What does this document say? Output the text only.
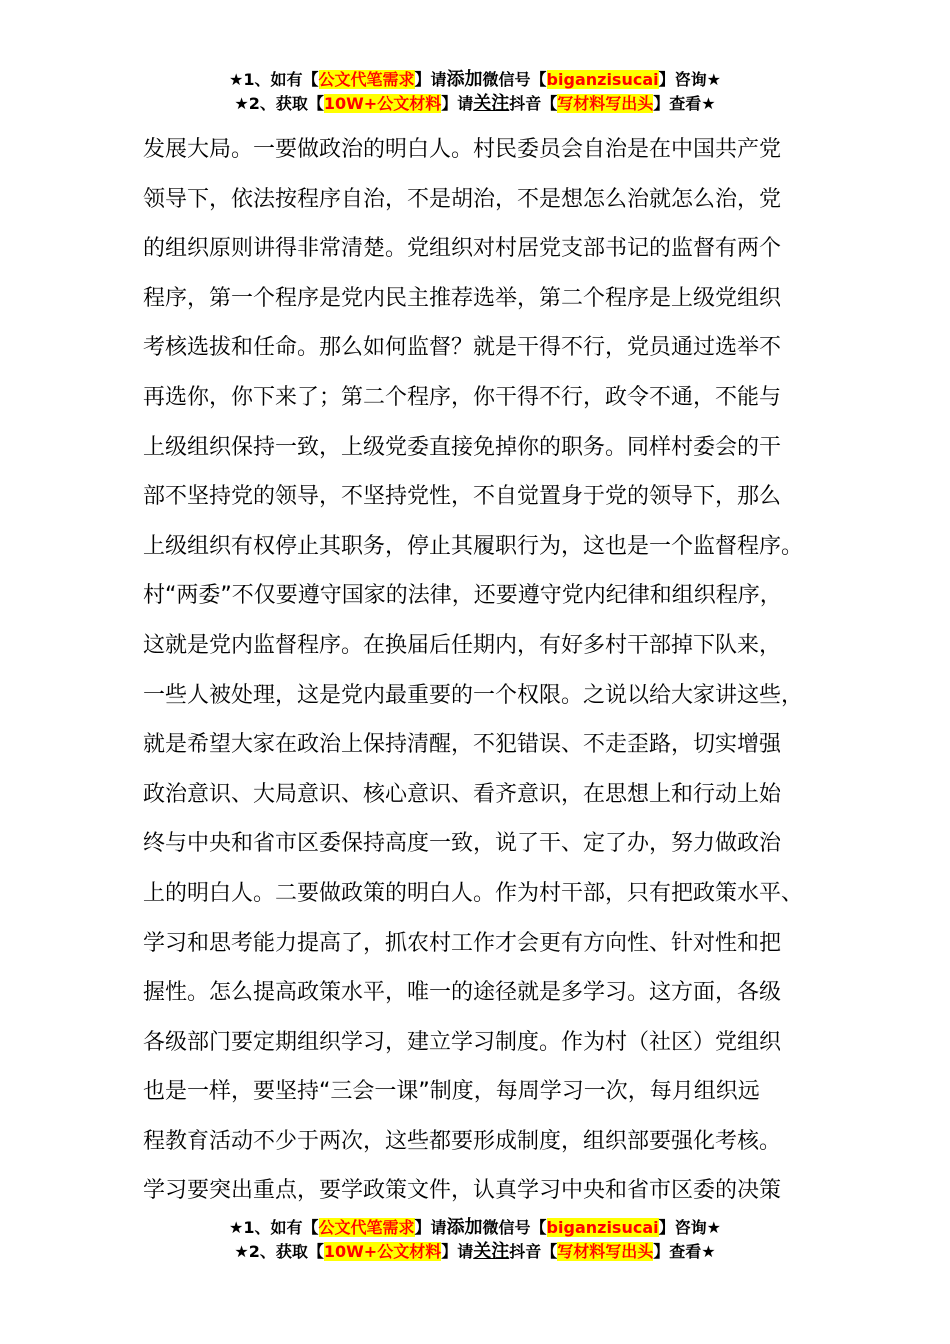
★1、如有【公文代笔需求】请添加微信号【biganzisucai】咨询★
★2、获取【10W+公文材料】请关注抖音【写材料写出头】查看★
发展大局。一要做政治的明白人。村民委员会自治是在中国共产党
领导下，依法按程序自治，不是胡治，不是想怎么治就怎么治，党
的组织原则讲得非常清楚。党组织对村居党支部书记的监督有两个
程序，第一个程序是党内民主推荐选举，第二个程序是上级党组织
考核选拔和任命。那么如何监督？就是干得不行，党员通过选举不
再选你，你下来了；第二个程序，你干得不行，政令不通，不能与
上级组织保持一致，上级党委直接免掉你的职务。同样村委会的干
部不坚持党的领导，不坚持党性，不自觉置身于党的领导下，那么
上级组织有权停止其职务，停止其履职行为，这也是一个监督程序。
村“两委”不仅要遵守国家的法律，还要遵守党内纪律和组织程序，
这就是党内监督程序。在换届后任期内，有好多村干部掉下队来，
一些人被处理，这是党内最重要的一个权限。之说以给大家讲这些，
就是希望大家在政治上保持清醒，不犯错误、不走歪路，切实增强
政治意识、大局意识、核心意识、看齐意识，在思想上和行动上始
终与中央和省市区委保持高度一致，说了干、定了办，努力做政治
上的明白人。二要做政策的明白人。作为村干部，只有把政策水平、
学习和思考能力提高了，抓农村工作才会更有方向性、针对性和把
握性。怎么提高政策水平，唯一的途径就是多学习。这方面，各级
各级部门要定期组织学习，建立学习制度。作为村（社区）党组织
也是一样，要坚持“三会一课”制度，每周学习一次，每月组织远
程教育活动不少于两次，这些都要形成制度，组织部要强化考核。
学习要突出重点，要学政策文件，认真学习中央和省市区委的决策
★1、如有【公文代笔需求】请添加微信号【biganzisucai】咨询★
★2、获取【10W+公文材料】请关注抖音【写材料写出头】查看★
